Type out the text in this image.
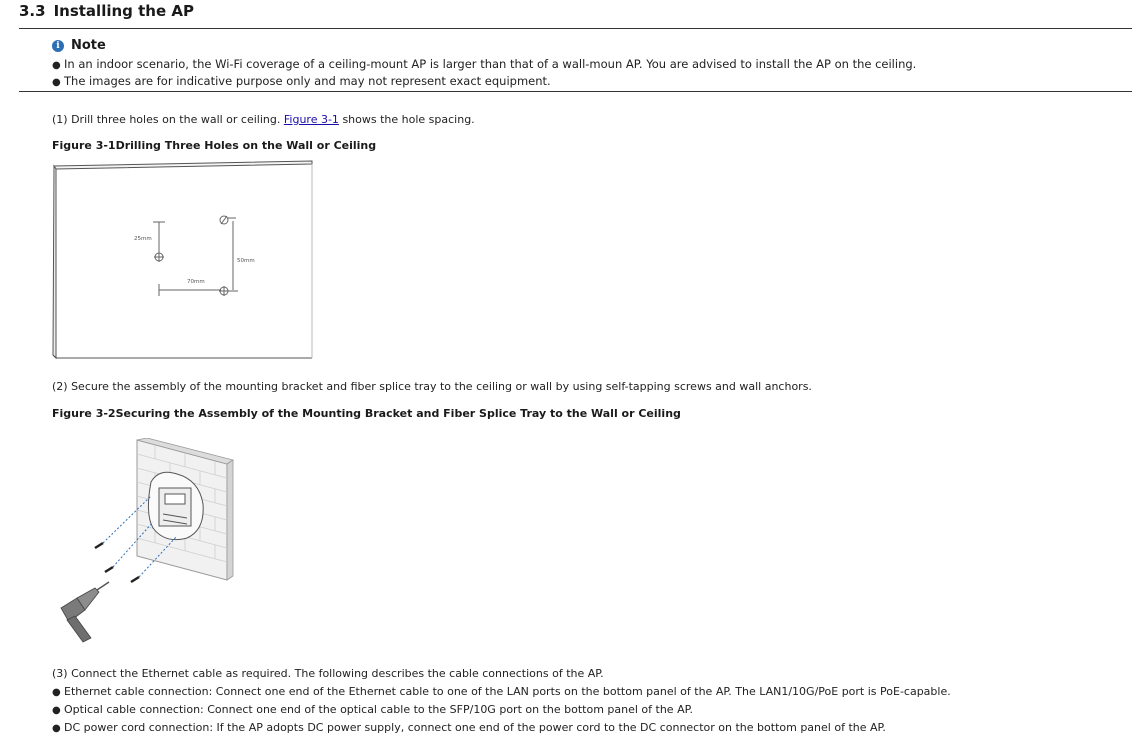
3.3 Installing the AP
i Note
● In an indoor scenario, the Wi-Fi coverage of a ceiling-mount AP is larger than that of a wall-moun AP. You are advised to install the AP on the ceiling.
● The images are for indicative purpose only and may not represent exact equipment.
(1) Drill three holes on the wall or ceiling. Figure 3-1 shows the hole spacing.
Figure 3-1Drilling Three Holes on the Wall or Ceiling
25mm
70mm
50mm
(2) Secure the assembly of the mounting bracket and fiber splice tray to the ceiling or wall by using self-tapping screws and wall anchors.
Figure 3-2Securing the Assembly of the Mounting Bracket and Fiber Splice Tray to the Wall or Ceiling
(3) Connect the Ethernet cable as required. The following describes the cable connections of the AP.
● Ethernet cable connection: Connect one end of the Ethernet cable to one of the LAN ports on the bottom panel of the AP. The LAN1/10G/PoE port is PoE-capable.
● Optical cable connection: Connect one end of the optical cable to the SFP/10G port on the bottom panel of the AP.
● DC power cord connection: If the AP adopts DC power supply, connect one end of the power cord to the DC connector on the bottom panel of the AP.
